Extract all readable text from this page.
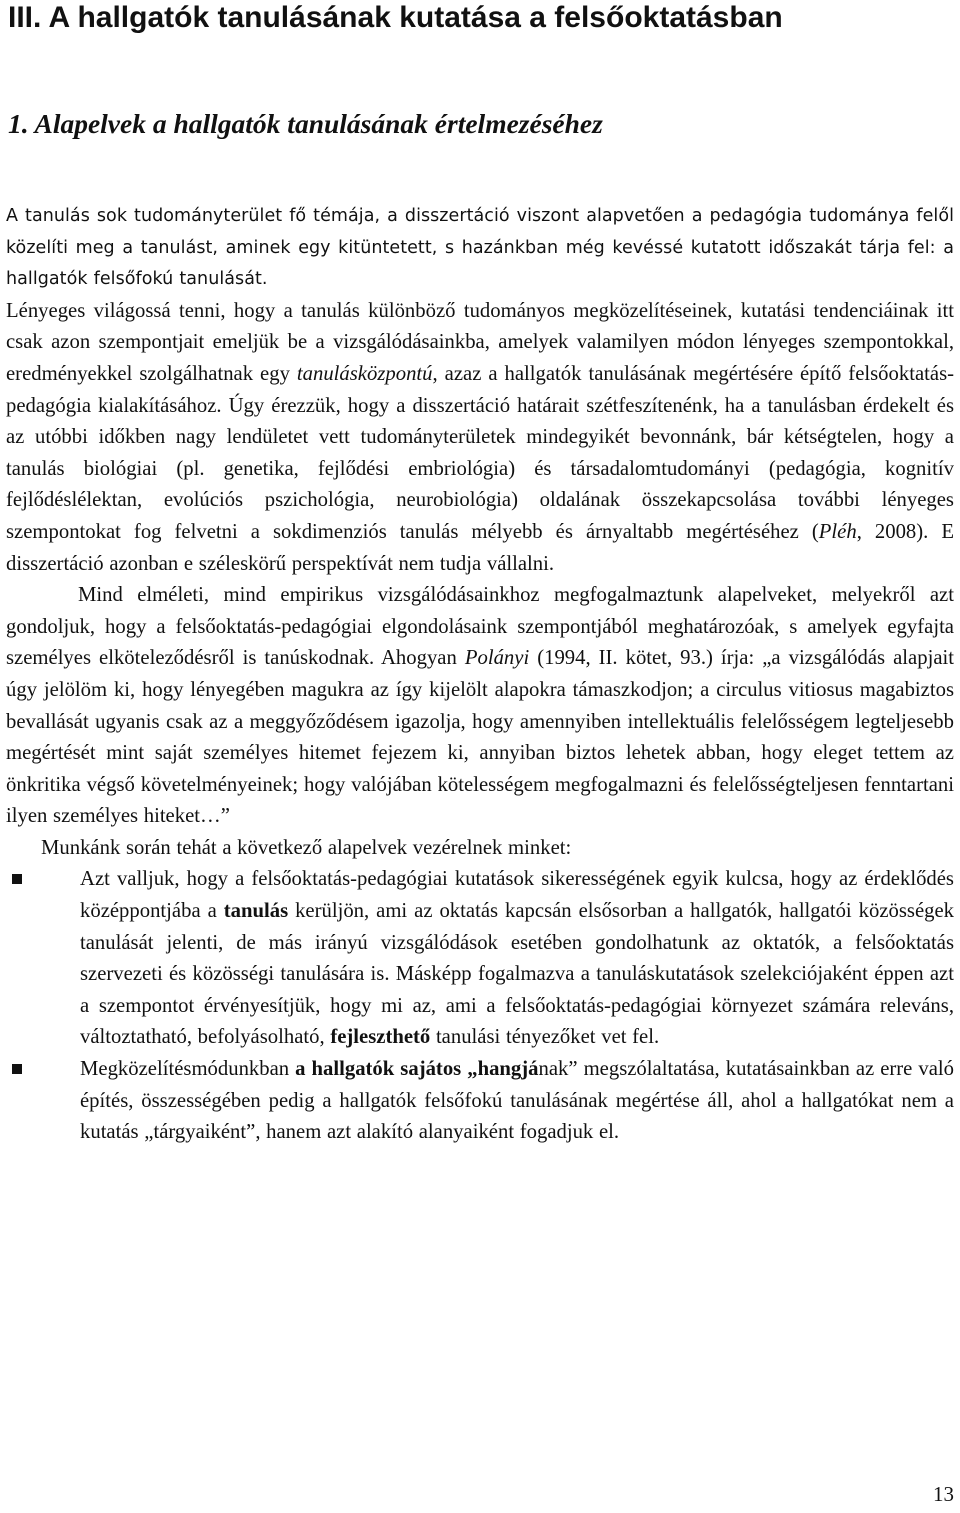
III. A hallgatók tanulásának kutatása a felsőoktatásban
1. Alapelvek a hallgatók tanulásának értelmezéséhez

A tanulás sok tudományterület fő témája, a disszertáció viszont alapvetően a pedagógia tudománya felől közelíti meg a tanulást, aminek egy kitüntetett, s hazánkban még kevéssé kutatott időszakát tárja fel: a hallgatók felsőfokú tanulását.

Lényeges világossá tenni, hogy a tanulás különböző tudományos megközelítéseinek, kutatási tendenciáinak itt csak azon szempontjait emeljük be a vizsgálódásainkba, amelyek valamilyen módon lényeges szempontokkal, eredményekkel szolgálhatnak egy tanulásközpontú, azaz a hallgatók tanulásának megértésére építő felsőoktatás-pedagógia kialakításához. Úgy érezzük, hogy a disszertáció határait szétfeszítenénk, ha a tanulásban érdekelt és az utóbbi időkben nagy lendületet vett tudományterületek mindegyikét bevonnánk, bár kétségtelen, hogy a tanulás biológiai (pl. genetika, fejlődési embriológia) és társadalomtudományi (pedagógia, kognitív fejlődéslélektan, evolúciós pszichológia, neurobiológia) oldalának összekapcsolása további lényeges szempontokat fog felvetni a sokdimenziós tanulás mélyebb és árnyaltabb megértéséhez (Pléh, 2008). E disszertáció azonban e széleskörű perspektívát nem tudja vállalni.

Mind elméleti, mind empirikus vizsgálódásainkhoz megfogalmaztunk alapelveket, melyekről azt gondoljuk, hogy a felsőoktatás-pedagógiai elgondolásaink szempontjából meghatározóak, s amelyek egyfajta személyes elköteleződésről is tanúskodnak. Ahogyan Polányi (1994, II. kötet, 93.) írja: „a vizsgálódás alapjait úgy jelölöm ki, hogy lényegében magukra az így kijelölt alapokra támaszkodjon; a circulus vitiosus magabiztos bevallását ugyanis csak az a meggyőződésem igazolja, hogy amennyiben intellektuális felelősségem legteljesebb megértését mint saját személyes hitemet fejezem ki, annyiban biztos lehetek abban, hogy eleget tettem az önkritika végső követelményeinek; hogy valójában kötelességem megfogalmazni és felelősségteljesen fenntartani ilyen személyes hiteket…”

Munkánk során tehát a következő alapelvek vezérelnek minket:

Azt valljuk, hogy a felsőoktatás-pedagógiai kutatások sikerességének egyik kulcsa, hogy az érdeklődés középpontjába a tanulás kerüljön, ami az oktatás kapcsán elsősorban a hallgatók, hallgatói közösségek tanulását jelenti, de más irányú vizsgálódások esetében gondolhatunk az oktatók, a felsőoktatás szervezeti és közösségi tanulására is. Másképp fogalmazva a tanuláskutatások szelekciójaként éppen azt a szempontot érvényesítjük, hogy mi az, ami a felsőoktatás-pedagógiai környezet számára releváns, változtatható, befolyásolható, fejleszthető tanulási tényezőket vet fel.
Megközelítésmódunkban a hallgatók sajátos „hangjának” megszólaltatása, kutatásainkban az erre való építés, összességében pedig a hallgatók felsőfokú tanulásának megértése áll, ahol a hallgatókat nem a kutatás „tárgyaiként”, hanem azt alakító alanyaiként fogadjuk el.
13
